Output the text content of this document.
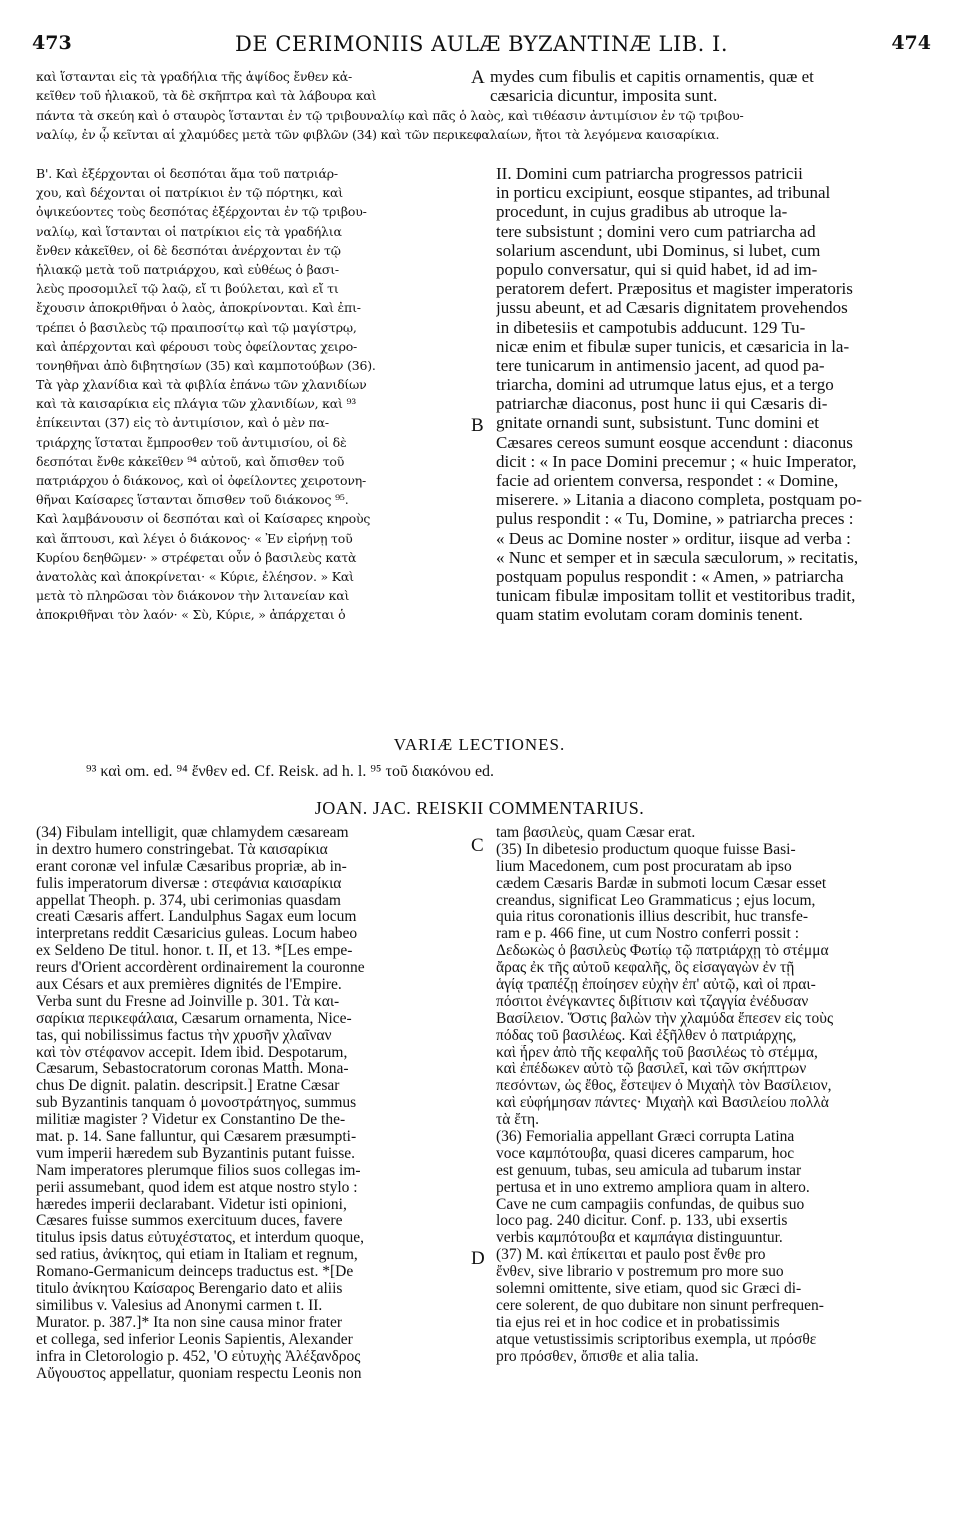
473	DE CERIMONIIS AULÆ BYZANTINÆ LIB. I.	474
A
B
C
D
καὶ ἵστανται εἰς τὰ γραδήλια τῆς ἁψίδος ἔνθεν κἀ-
κεῖθεν τοῦ ἡλιακοῦ, τὰ δὲ σκῆπτρα καὶ τὰ λάβουρα καὶ
mydes cum fibulis et capitis ornamentis, quæ et
cæsaricia dicuntur, imposita sunt.
πάντα τὰ σκεύη καὶ ὁ σταυρὸς ἵστανται ἐν τῷ τριβουναλίῳ καὶ πᾶς ὁ λαὸς, καὶ τιθέασιν ἀντιμίσιον ἐν τῷ τριβου-
ναλίῳ, ἐν ᾧ κεῖνται αἱ χλαμύδες μετὰ τῶν φιβλῶν (34) καὶ τῶν περικεφαλαίων, ἤτοι τὰ λεγόμενα καισαρίκια.
Β'. Καὶ ἐξέρχονται οἱ δεσπόται ἅμα τοῦ πατριάρ-
χου, καὶ δέχονται οἱ πατρίκιοι ἐν τῷ πόρτηκι, καὶ
ὀψικεύοντες τοὺς δεσπότας ἐξέρχονται ἐν τῷ τριβου-
ναλίῳ, καὶ ἵστανται οἱ πατρίκιοι εἰς τὰ γραδήλια
ἔνθεν κἀκεῖθεν, οἱ δὲ δεσπόται ἀνέρχονται ἐν τῷ
ἡλιακῷ μετὰ τοῦ πατριάρχου, καὶ εὐθέως ὁ βασι-
λεὺς προσομιλεῖ τῷ λαῷ, εἴ τι βούλεται, καὶ εἴ τι
ἔχουσιν ἀποκριθῆναι ὁ λαὸς, ἀποκρίνονται. Καὶ ἐπι-
τρέπει ὁ βασιλεὺς τῷ πραιποσίτῳ καὶ τῷ μαγίστρῳ,
καὶ ἀπέρχονται καὶ φέρουσι τοὺς ὀφείλοντας χειρο-
τονηθῆναι ἀπὸ διβητησίων (35) καὶ καμποτούβων (36).
Τὰ γὰρ χλανίδια καὶ τὰ φιβλία ἐπάνω τῶν χλανιδίων
καὶ τὰ καισαρίκια εἰς πλάγια τῶν χλανιδίων, καὶ ⁹³
ἐπίκεινται (37) εἰς τὸ ἀντιμίσιον, καὶ ὁ μὲν πα-
τριάρχης ἵσταται ἔμπροσθεν τοῦ ἀντιμισίου, οἱ δὲ
δεσπόται ἔνθε κἀκεῖθεν ⁹⁴ αὐτοῦ, καὶ ὄπισθεν τοῦ
πατριάρχου ὁ διάκονος, καὶ οἱ ὀφείλοντες χειροτονη-
θῆναι Καίσαρες ἵστανται ὄπισθεν τοῦ διάκονος ⁹⁵.
Καὶ λαμβάνουσιν οἱ δεσπόται καὶ οἱ Καίσαρες κηροὺς
καὶ ἅπτουσι, καὶ λέγει ὁ διάκονος· « Ἐν εἰρήνῃ τοῦ
Κυρίου δεηθῶμεν· » στρέφεται οὖν ὁ βασιλεὺς κατὰ
ἀνατολὰς καὶ ἀποκρίνεται· « Κύριε, ἐλέησον. » Καὶ
μετὰ τὸ πληρῶσαι τὸν διάκονον τὴν λιτανείαν καὶ
ἀποκριθῆναι τὸν λαόν· « Σὺ, Κύριε, » ἀπάρχεται ὁ
II. Domini cum patriarcha progressos patricii
in porticu excipiunt, eosque stipantes, ad tribunal
procedunt, in cujus gradibus ab utroque la-
tere subsistunt ; domini vero cum patriarcha ad
solarium ascendunt, ubi Dominus, si lubet, cum
populo conversatur, qui si quid habet, id ad im-
peratorem defert. Præpositus et magister imperatoris
jussu abeunt, et ad Cæsaris dignitatem provehendos
in dibetesiis et campotubis adducunt. 129 Tu-
nicæ enim et fibulæ super tunicis, et cæsaricia in la-
tere tunicarum in antimensio jacent, ad quod pa-
triarcha, domini ad utrumque latus ejus, et a tergo
patriarchæ diaconus, post hunc ii qui Cæsaris di-
gnitate ornandi sunt, subsistunt. Tunc domini et
Cæsares cereos sumunt eosque accendunt : diaconus
dicit : « In pace Domini precemur ; « huic Imperator,
facie ad orientem conversa, respondet : « Domine,
miserere. » Litania a diacono completa, postquam po-
pulus respondit : « Tu, Domine, » patriarcha preces :
« Deus ac Domine noster » orditur, iisque ad verba :
« Nunc et semper et in sæcula sæculorum, » recitatis,
postquam populus respondit : « Amen, » patriarcha
tunicam fibulæ impositam tollit et vestitoribus tradit,
quam statim evolutam coram dominis tenent.
VARIÆ LECTIONES.
⁹³ καὶ om. ed. ⁹⁴ ἔνθεν ed. Cf. Reisk. ad h. l. ⁹⁵ τοῦ διακόνου ed.
JOAN. JAC. REISKII COMMENTARIUS.
(34) Fibulam intelligit, quæ chlamydem cæsaream
in dextro humero constringebat. Τὰ καισαρίκια
erant coronæ vel infulæ Cæsaribus propriæ, ab in-
fulis imperatorum diversæ : στεφάνια καισαρίκια
appellat Theoph. p. 374, ubi cerimonias quasdam
creati Cæsaris affert. Landulphus Sagax eum locum
interpretans reddit Cæsaricius guleas. Locum habeo
ex Seldeno De titul. honor. t. II, et 13. *[Les empe-
reurs d'Orient accordèrent ordinairement la couronne
aux Césars et aux premières dignités de l'Empire.
Verba sunt du Fresne ad Joinville p. 301. Τὰ και-
σαρίκια περικεφάλαια, Cæsarum ornamenta, Nice-
tas, qui nobilissimus factus τὴν χρυσῆν χλαῖναν
καὶ τὸν στέφανον accepit. Idem ibid. Despotarum,
Cæsarum, Sebastocratorum coronas Matth. Mona-
chus De dignit. palatin. descripsit.] Eratne Cæsar
sub Byzantinis tanquam ὁ μονοστράτηγος, summus
militiæ magister ? Videtur ex Constantino De the-
mat. p. 14. Sane falluntur, qui Cæsarem præsumpti-
vum imperii hæredem sub Byzantinis putant fuisse.
Nam imperatores plerumque filios suos collegas im-
perii assumebant, quod idem est atque nostro stylo :
hæredes imperii declarabant. Videtur isti opinioni,
Cæsares fuisse summos exercituum duces, favere
titulus ipsis datus εὐτυχέστατος, et interdum quoque,
sed ratius, ἀνίκητος, qui etiam in Italiam et regnum,
Romano-Germanicum deinceps traductus est. *[De
titulo ἀνίκητου Καίσαρος Berengario dato et aliis
similibus v. Valesius ad Anonymi carmen t. II.
Murator. p. 387.]* Ita non sine causa minor frater
et collega, sed inferior Leonis Sapientis, Alexander
infra in Cletorologio p. 452, 'Ο εὐτυχὴς Ἀλέξανδρος
Αὔγουστος appellatur, quoniam respectu Leonis non
tam βασιλεὺς, quam Cæsar erat.
(35) In dibetesio productum quoque fuisse Basi-
lium Macedonem, cum post procuratam ab ipso
cædem Cæsaris Bardæ in submoti locum Cæsar esset
creandus, significat Leo Grammaticus ; ejus locum,
quia ritus coronationis illius describit, huc transfe-
ram e p. 466 fine, ut cum Nostro conferri possit :
Δεδωκὼς ὁ βασιλεὺς Φωτίῳ τῷ πατριάρχῃ τὸ στέμμα
ἄρας ἐκ τῆς αὐτοῦ κεφαλῆς, ὃς εἰσαγαγὼν ἐν τῇ
ἁγίᾳ τραπέζῃ ἐποίησεν εὐχὴν ἐπ' αὐτῷ, καὶ οἱ πραι-
πόσιτοι ἐνέγκαντες διβίτισιν καὶ τζαγγία ἐνέδυσαν
Βασίλειον. Ὅστις βαλὼν τὴν χλαμύδα ἔπεσεν εἰς τοὺς
πόδας τοῦ βασιλέως. Καὶ ἐξῆλθεν ὁ πατριάρχης,
καὶ ἦρεν ἀπὸ τῆς κεφαλῆς τοῦ βασιλέως τὸ στέμμα,
καὶ ἐπέδωκεν αὐτὸ τῷ βασιλεῖ, καὶ τῶν σκήπτρων
πεσόντων, ὡς ἔθος, ἔστεψεν ὁ Μιχαὴλ τὸν Βασίλειον,
καὶ εὐφήμησαν πάντες· Μιχαὴλ καὶ Βασιλείου πολλὰ
τὰ ἔτη.
(36) Femorialia appellant Græci corrupta Latina
voce καμπότουβα, quasi diceres camparum, hoc
est genuum, tubas, seu amicula ad tubarum instar
pertusa et in uno extremo ampliora quam in altero.
Cave ne cum campagiis confundas, de quibus suo
loco pag. 240 dicitur. Conf. p. 133, ubi exsertis
verbis καμπότουβα et καμπάγια distinguuntur.
(37) M. καὶ ἐπίκειται et paulo post ἔνθε pro
ἔνθεν, sive librario v postremum pro more suo
solemni omittente, sive etiam, quod sic Græci di-
cere solerent, de quo dubitare non sinunt perfrequen-
tia ejus rei et in hoc codice et in probatissimis
atque vetustissimis scriptoribus exempla, ut πρόσθε
pro πρόσθεν, ὄπισθε et alia talia.
